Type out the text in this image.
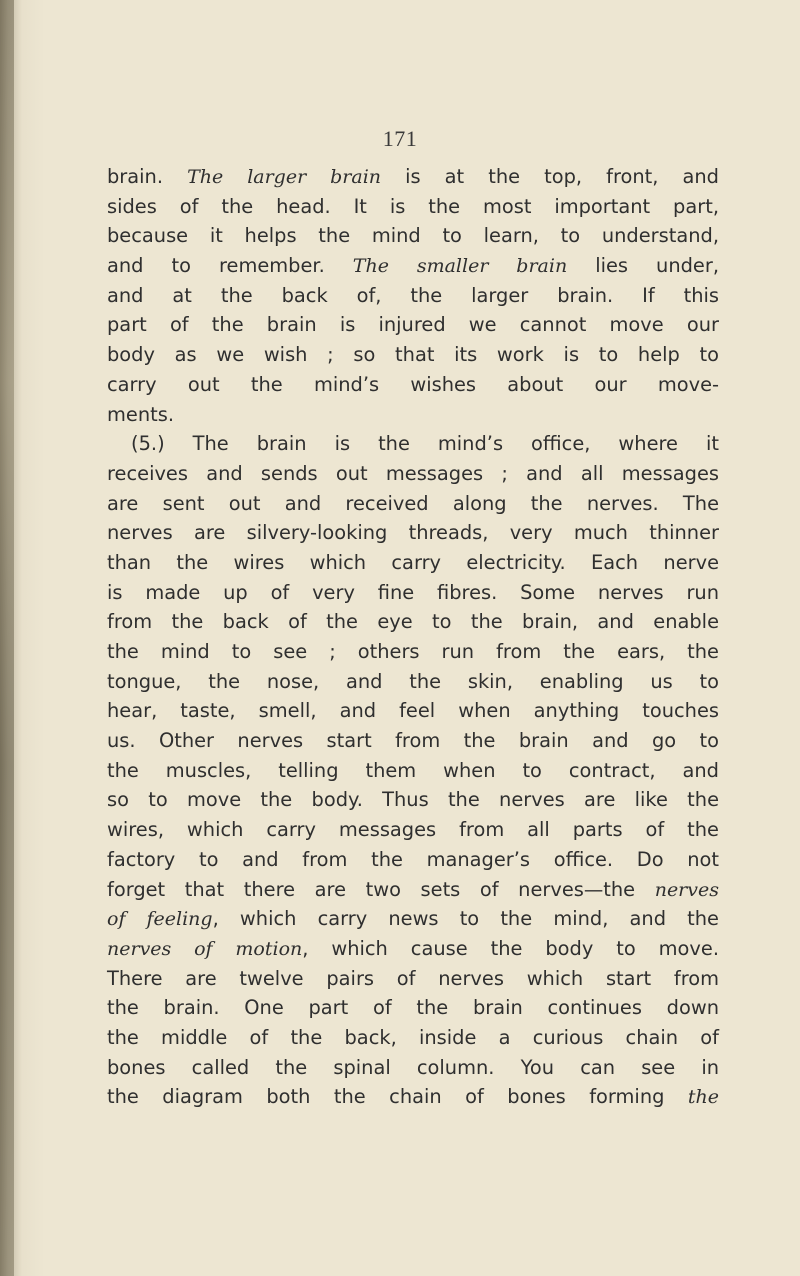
171
brain. The larger brain is at the top, front, and
sides of the head. It is the most important part,
because it helps the mind to learn, to understand,
and to remember. The smaller brain lies under,
and at the back of, the larger brain. If this
part of the brain is injured we cannot move our
body as we wish ; so that its work is to help to
carry out the mind’s wishes about our move-
ments.
(5.) The brain is the mind’s office, where it
receives and sends out messages ; and all messages
are sent out and received along the nerves. The
nerves are silvery-looking threads, very much thinner
than the wires which carry electricity. Each nerve
is made up of very fine fibres. Some nerves run
from the back of the eye to the brain, and enable
the mind to see ; others run from the ears, the
tongue, the nose, and the skin, enabling us to
hear, taste, smell, and feel when anything touches
us. Other nerves start from the brain and go to
the muscles, telling them when to contract, and
so to move the body. Thus the nerves are like the
wires, which carry messages from all parts of the
factory to and from the manager’s office. Do not
forget that there are two sets of nerves—the nerves
of feeling, which carry news to the mind, and the
nerves of motion, which cause the body to move.
There are twelve pairs of nerves which start from
the brain. One part of the brain continues down
the middle of the back, inside a curious chain of
bones called the spinal column. You can see in
the diagram both the chain of bones forming the
